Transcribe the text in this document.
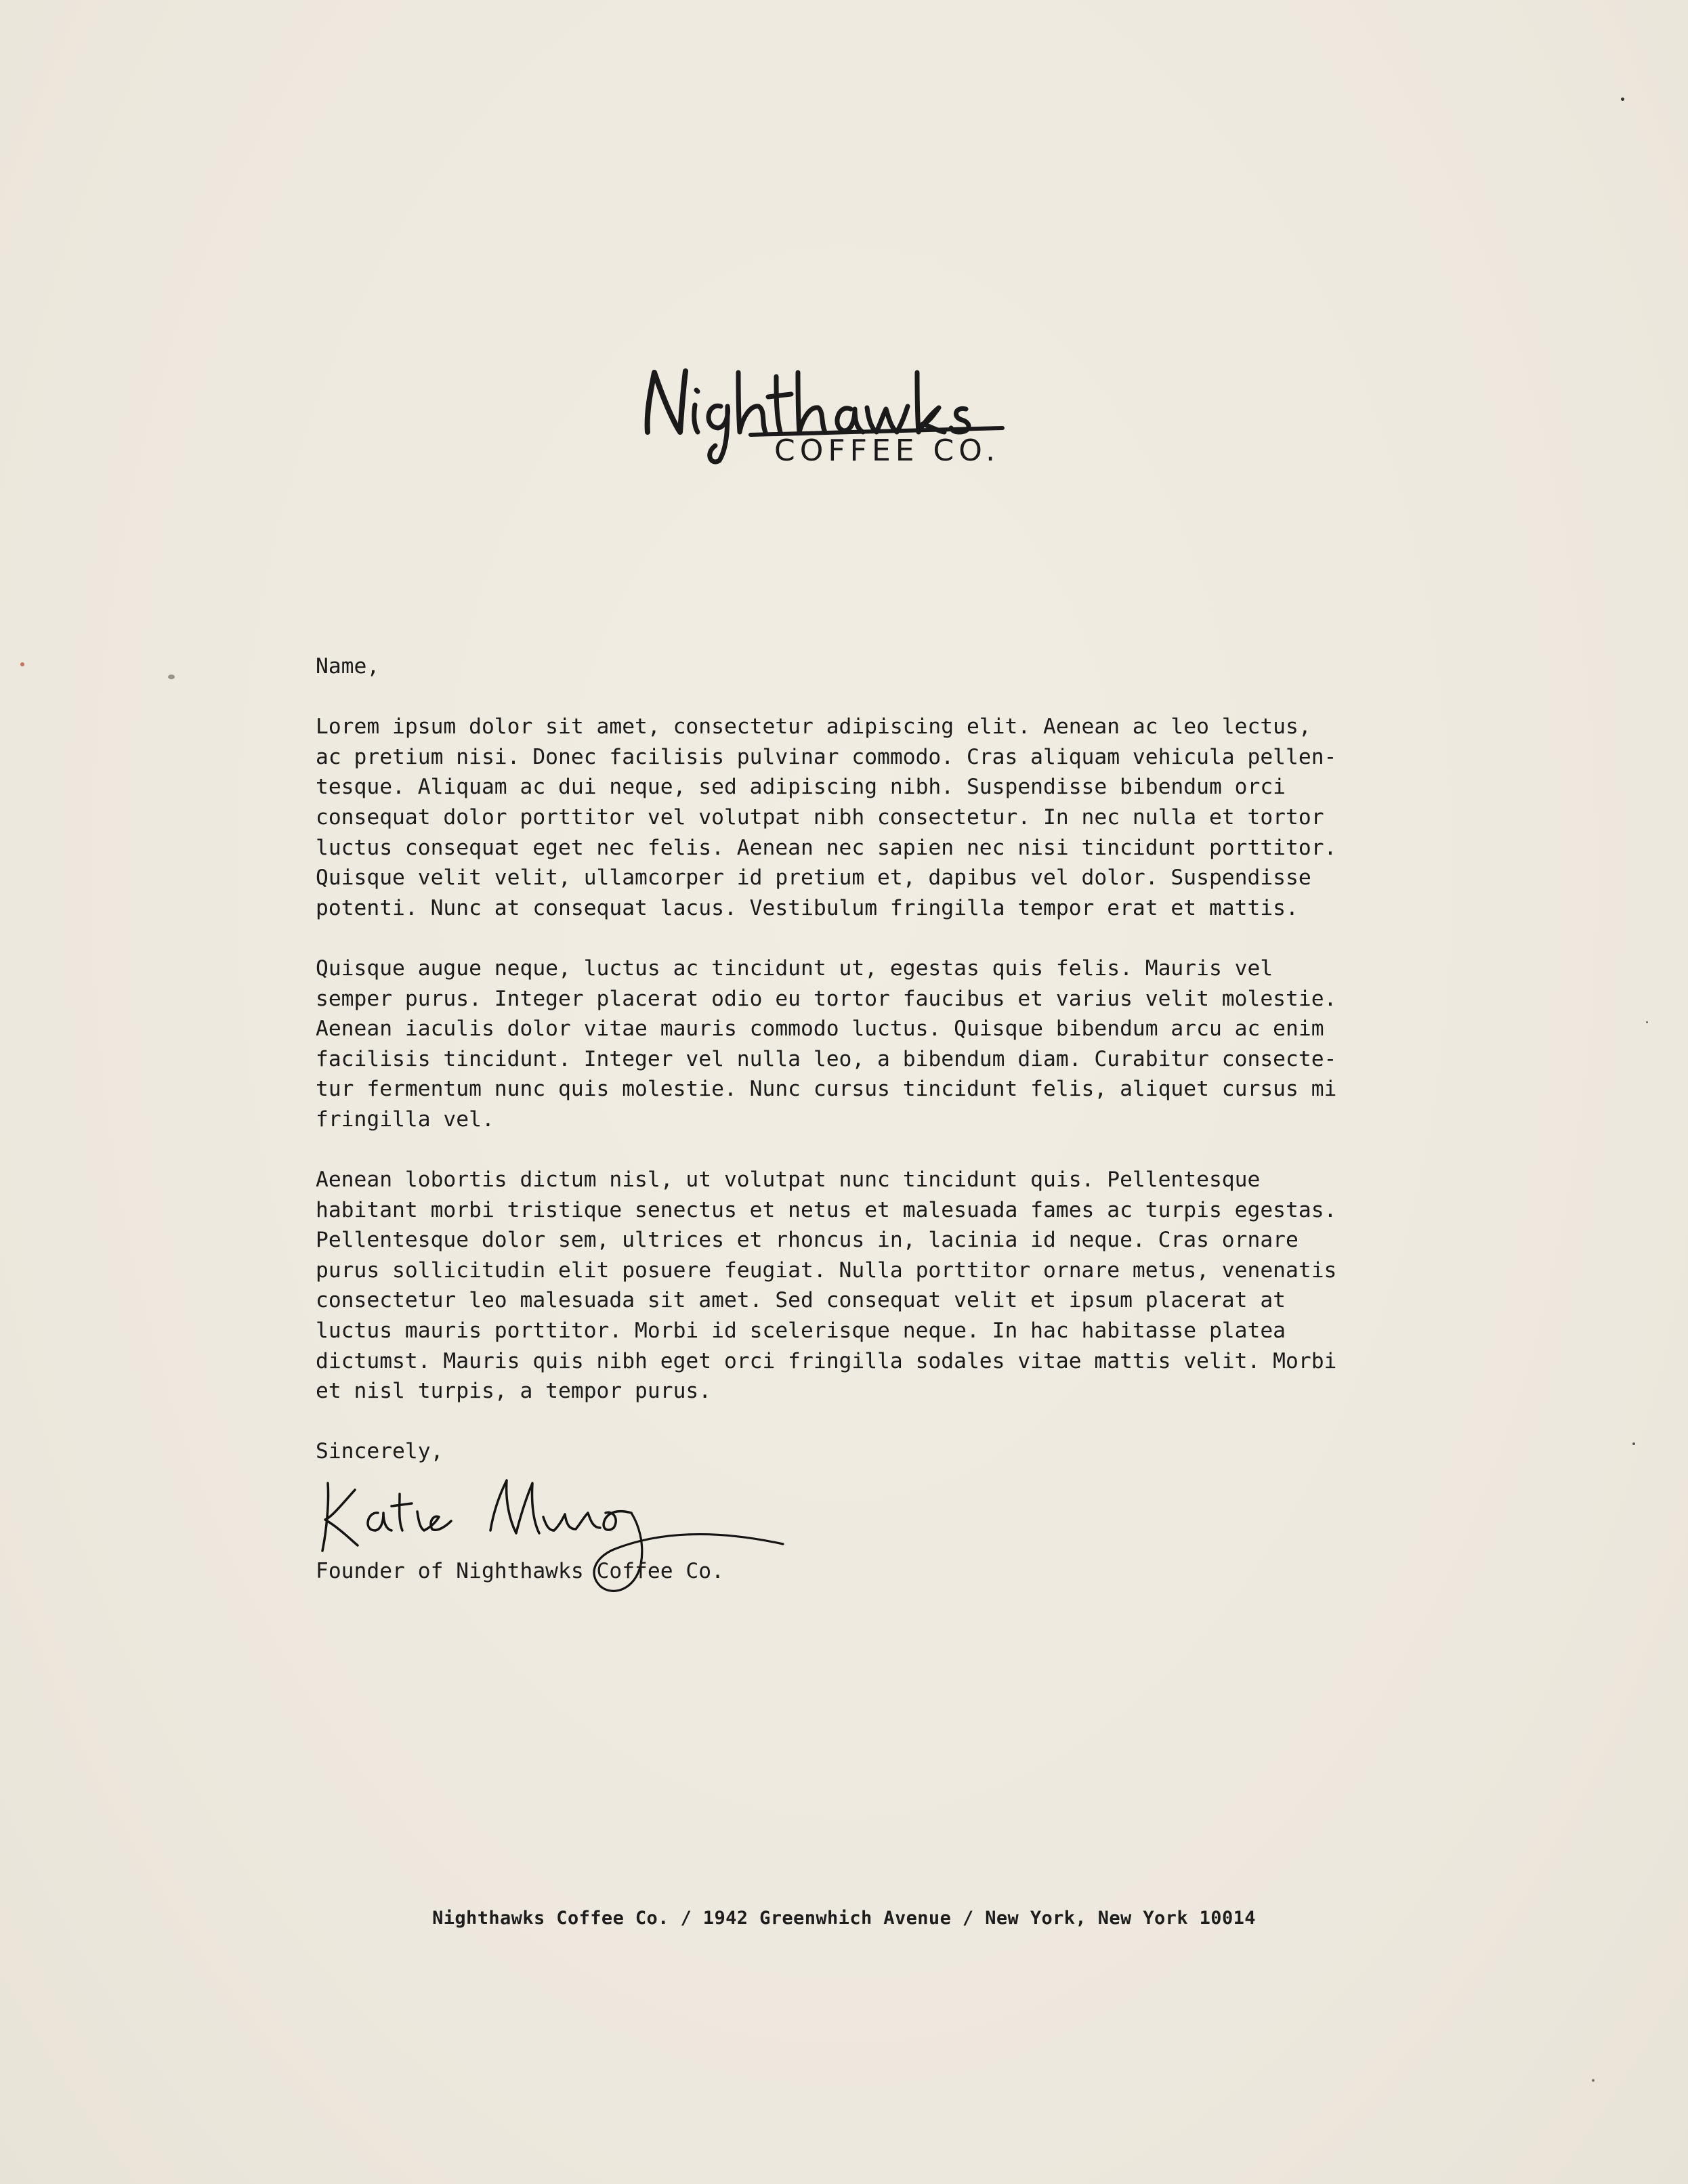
COFFEE CO.

Name,

Lorem ipsum dolor sit amet, consectetur adipiscing elit. Aenean ac leo lectus,
ac pretium nisi. Donec facilisis pulvinar commodo. Cras aliquam vehicula pellen-
tesque. Aliquam ac dui neque, sed adipiscing nibh. Suspendisse bibendum orci
consequat dolor porttitor vel volutpat nibh consectetur. In nec nulla et tortor
luctus consequat eget nec felis. Aenean nec sapien nec nisi tincidunt porttitor.
Quisque velit velit, ullamcorper id pretium et, dapibus vel dolor. Suspendisse
potenti. Nunc at consequat lacus. Vestibulum fringilla tempor erat et mattis.

Quisque augue neque, luctus ac tincidunt ut, egestas quis felis. Mauris vel
semper purus. Integer placerat odio eu tortor faucibus et varius velit molestie.
Aenean iaculis dolor vitae mauris commodo luctus. Quisque bibendum arcu ac enim
facilisis tincidunt. Integer vel nulla leo, a bibendum diam. Curabitur consecte-
tur fermentum nunc quis molestie. Nunc cursus tincidunt felis, aliquet cursus mi
fringilla vel.

Aenean lobortis dictum nisl, ut volutpat nunc tincidunt quis. Pellentesque
habitant morbi tristique senectus et netus et malesuada fames ac turpis egestas.
Pellentesque dolor sem, ultrices et rhoncus in, lacinia id neque. Cras ornare
purus sollicitudin elit posuere feugiat. Nulla porttitor ornare metus, venenatis
consectetur leo malesuada sit amet. Sed consequat velit et ipsum placerat at
luctus mauris porttitor. Morbi id scelerisque neque. In hac habitasse platea
dictumst. Mauris quis nibh eget orci fringilla sodales vitae mattis velit. Morbi
et nisl turpis, a tempor purus.

Sincerely,

Founder of Nighthawks Coffee Co.

Nighthawks Coffee Co. / 1942 Greenwhich Avenue / New York, New York 10014
